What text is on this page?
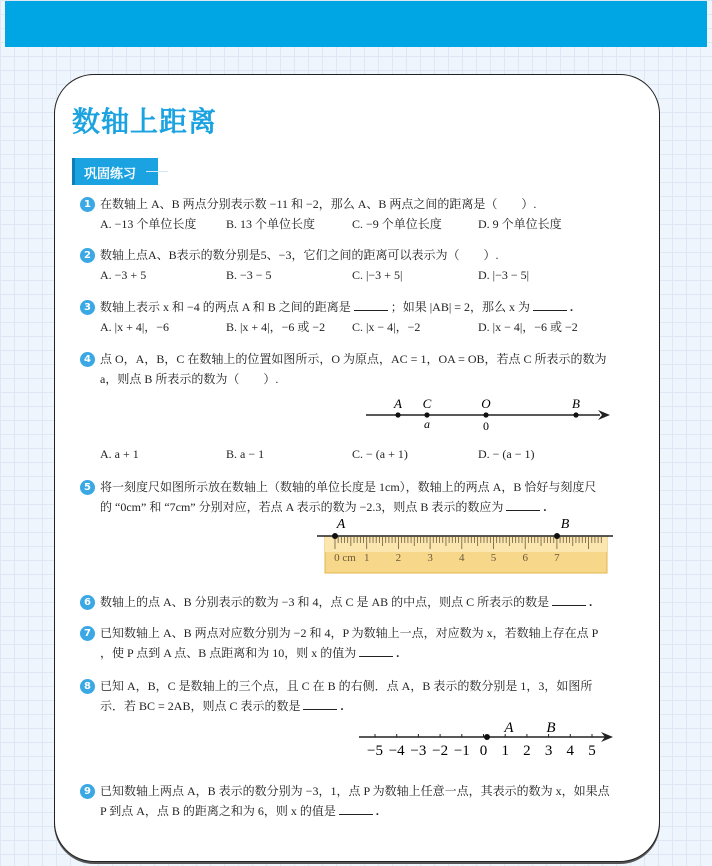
数轴上距离
巩固练习
1 在数轴上 A、B 两点分别表示数 −11 和 −2，那么 A、B 两点之间的距离是（　　）.
A. −13 个单位长度	B. 13 个单位长度	C. −9 个单位长度	D. 9 个单位长度
2 数轴上点A、B表示的数分别是5、−3，它们之间的距离可以表示为（　　）.
A. −3 + 5	B. −3 − 5	C. |−3 + 5|	D. |−3 − 5|
3 数轴上表示 x 和 −4 的两点 A 和 B 之间的距离是	；如果 |AB| = 2，那么 x 为	.
A. |x + 4|，−6	B. |x + 4|，−6 或 −2	C. |x − 4|，−2	D. |x − 4|，−6 或 −2
4 点 O，A，B，C 在数轴上的位置如图所示，O 为原点，AC = 1，OA = OB，若点 C 所表示的数为
a，则点 B 所表示的数为（　　）.
A C	O	B
a	0
A. a + 1	B. a − 1	C. − (a + 1)	D. − (a − 1)
5 将一刻度尺如图所示放在数轴上（数轴的单位长度是 1cm），数轴上的两点 A，B 恰好与刻度尺
的 “0cm” 和 “7cm” 分别对应，若点 A 表示的数为 −2.3，则点 B 表示的数应为	.
A	B
0 cm 1 2 3 4 5 6 7
6 数轴上的点 A、B 分别表示的数为 −3 和 4，点 C 是 AB 的中点，则点 C 所表示的数是	.
7 已知数轴上 A、B 两点对应数分别为 −2 和 4，P 为数轴上一点，对应数为 x，若数轴上存在点 P
，使 P 点到 A 点、B 点距离和为 10，则 x 的值为	.
8 已知 A，B，C 是数轴上的三个点，且 C 在 B 的右侧．点 A，B 表示的数分别是 1，3，如图所
示．若 BC = 2AB，则点 C 表示的数是	.
−5 −4 −3 −2 −1 0 1 2 3 4 5
A B
9 已知数轴上两点 A，B 表示的数分别为 −3，1，点 P 为数轴上任意一点，其表示的数为 x，如果点
P 到点 A，点 B 的距离之和为 6，则 x 的值是	.
